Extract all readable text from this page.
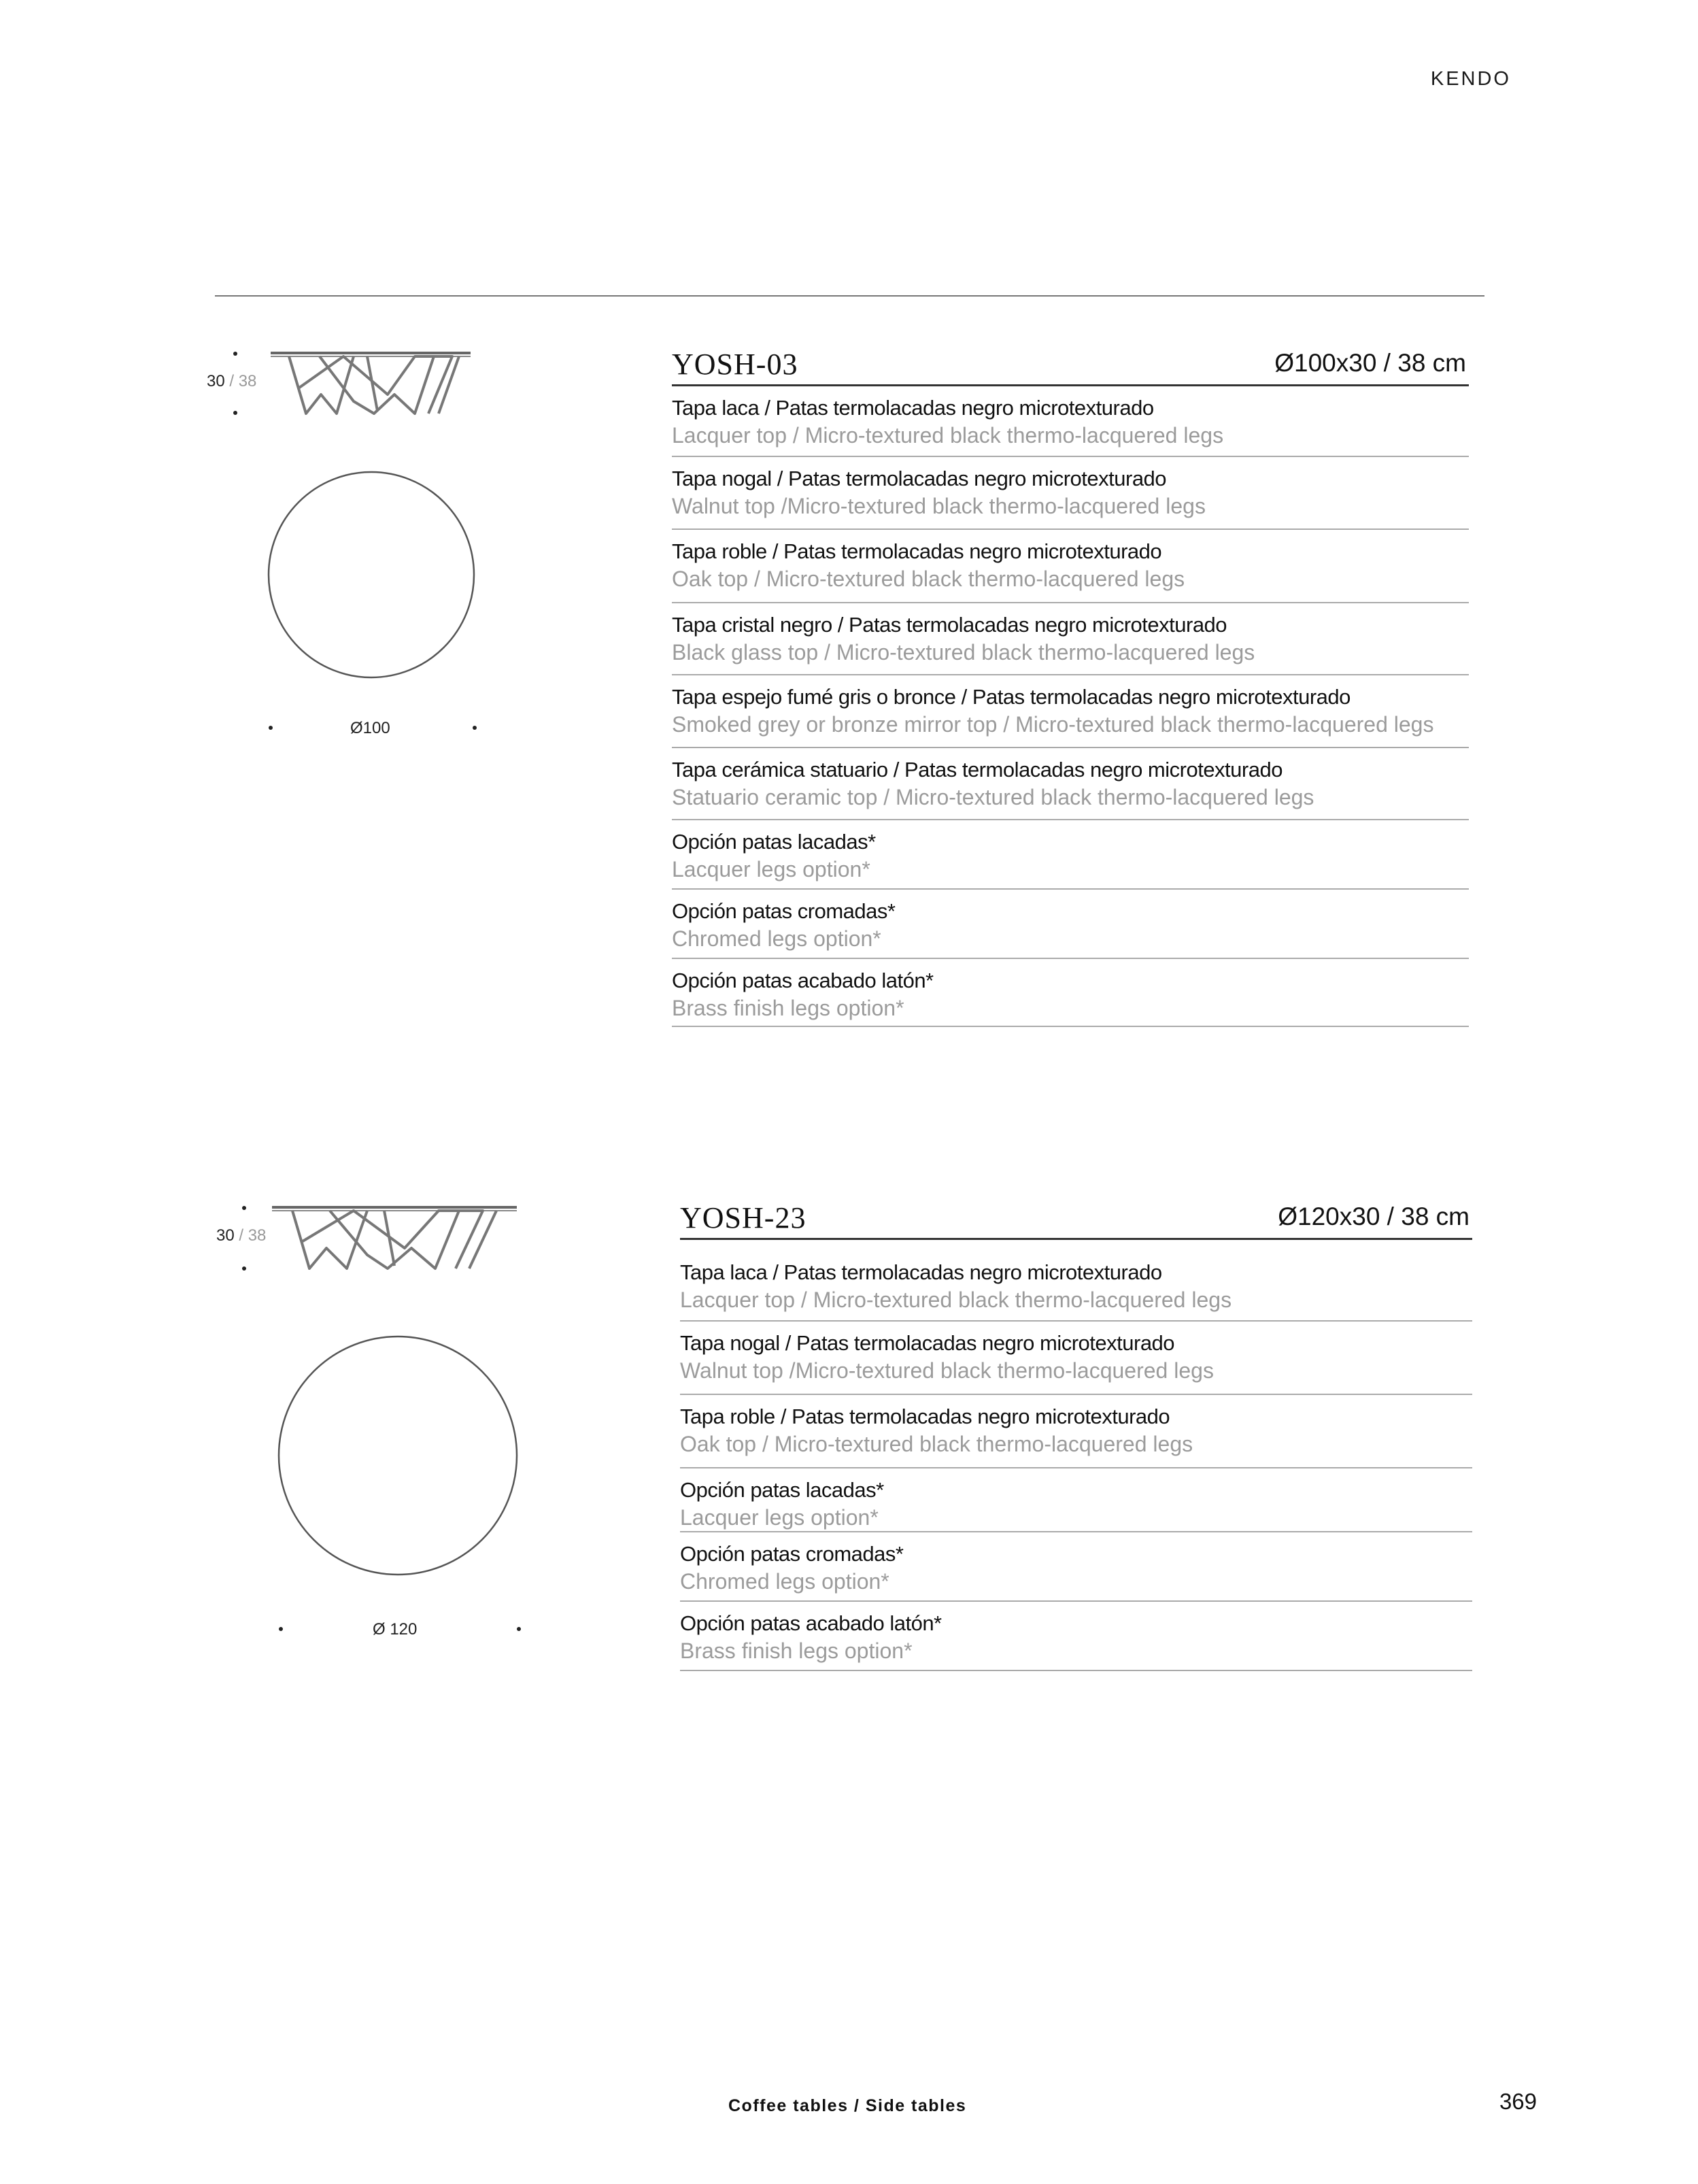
KENDO
30 / 38
Ø100
YOSH-03	Ø100x30 / 38 cm
Tapa laca / Patas termolacadas negro microtexturado
Lacquer top / Micro-textured black thermo-lacquered legs
Tapa nogal / Patas termolacadas negro microtexturado
Walnut top /Micro-textured black thermo-lacquered legs
Tapa roble / Patas termolacadas negro microtexturado
Oak top / Micro-textured black thermo-lacquered legs
Tapa cristal negro / Patas termolacadas negro microtexturado
Black glass top / Micro-textured black thermo-lacquered legs
Tapa espejo fumé gris o bronce / Patas termolacadas negro microtexturado
Smoked grey or bronze mirror top / Micro-textured black thermo-lacquered legs
Tapa cerámica statuario / Patas termolacadas negro microtexturado
Statuario ceramic top / Micro-textured black thermo-lacquered legs
Opción patas lacadas*
Lacquer legs option*
Opción patas cromadas*
Chromed legs option*
Opción patas acabado latón*
Brass finish legs option*
30 / 38
Ø 120
YOSH-23	Ø120x30 / 38 cm
Tapa laca / Patas termolacadas negro microtexturado
Lacquer top / Micro-textured black thermo-lacquered legs
Tapa nogal / Patas termolacadas negro microtexturado
Walnut top /Micro-textured black thermo-lacquered legs
Tapa roble / Patas termolacadas negro microtexturado
Oak top / Micro-textured black thermo-lacquered legs
Opción patas lacadas*
Lacquer legs option*
Opción patas cromadas*
Chromed legs option*
Opción patas acabado latón*
Brass finish legs option*
Coffee tables / Side tables	369
